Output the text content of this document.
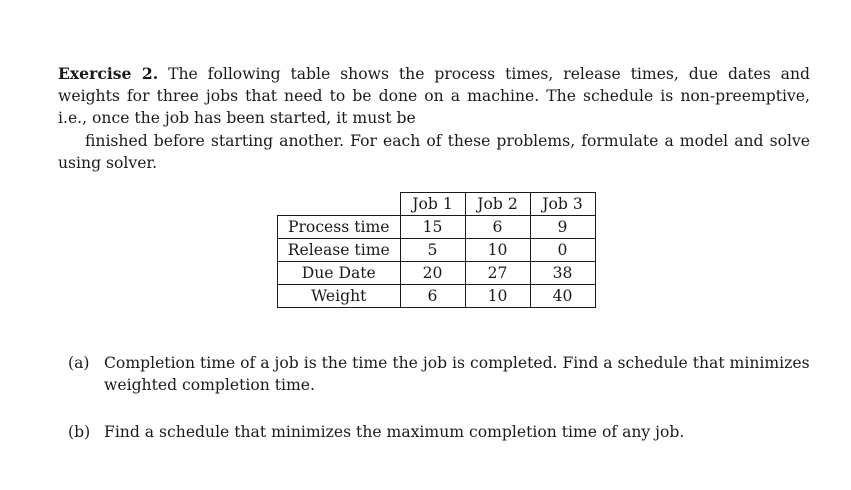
Exercise 2. The following table shows the process times, release times, due dates and weights for three jobs that need to be done on a machine. The schedule is non-preemptive, i.e., once the job has been started, it must be
finished before starting another. For each of these problems, formulate a model and solve using solver.
	Job 1	Job 2	Job 3
Process time	15	6	9
Release time	5	10	0
Due Date	20	27	38
Weight	6	10	40
(a) Completion time of a job is the time the job is completed. Find a schedule that minimizes weighted completion time.
(b) Find a schedule that minimizes the maximum completion time of any job.
